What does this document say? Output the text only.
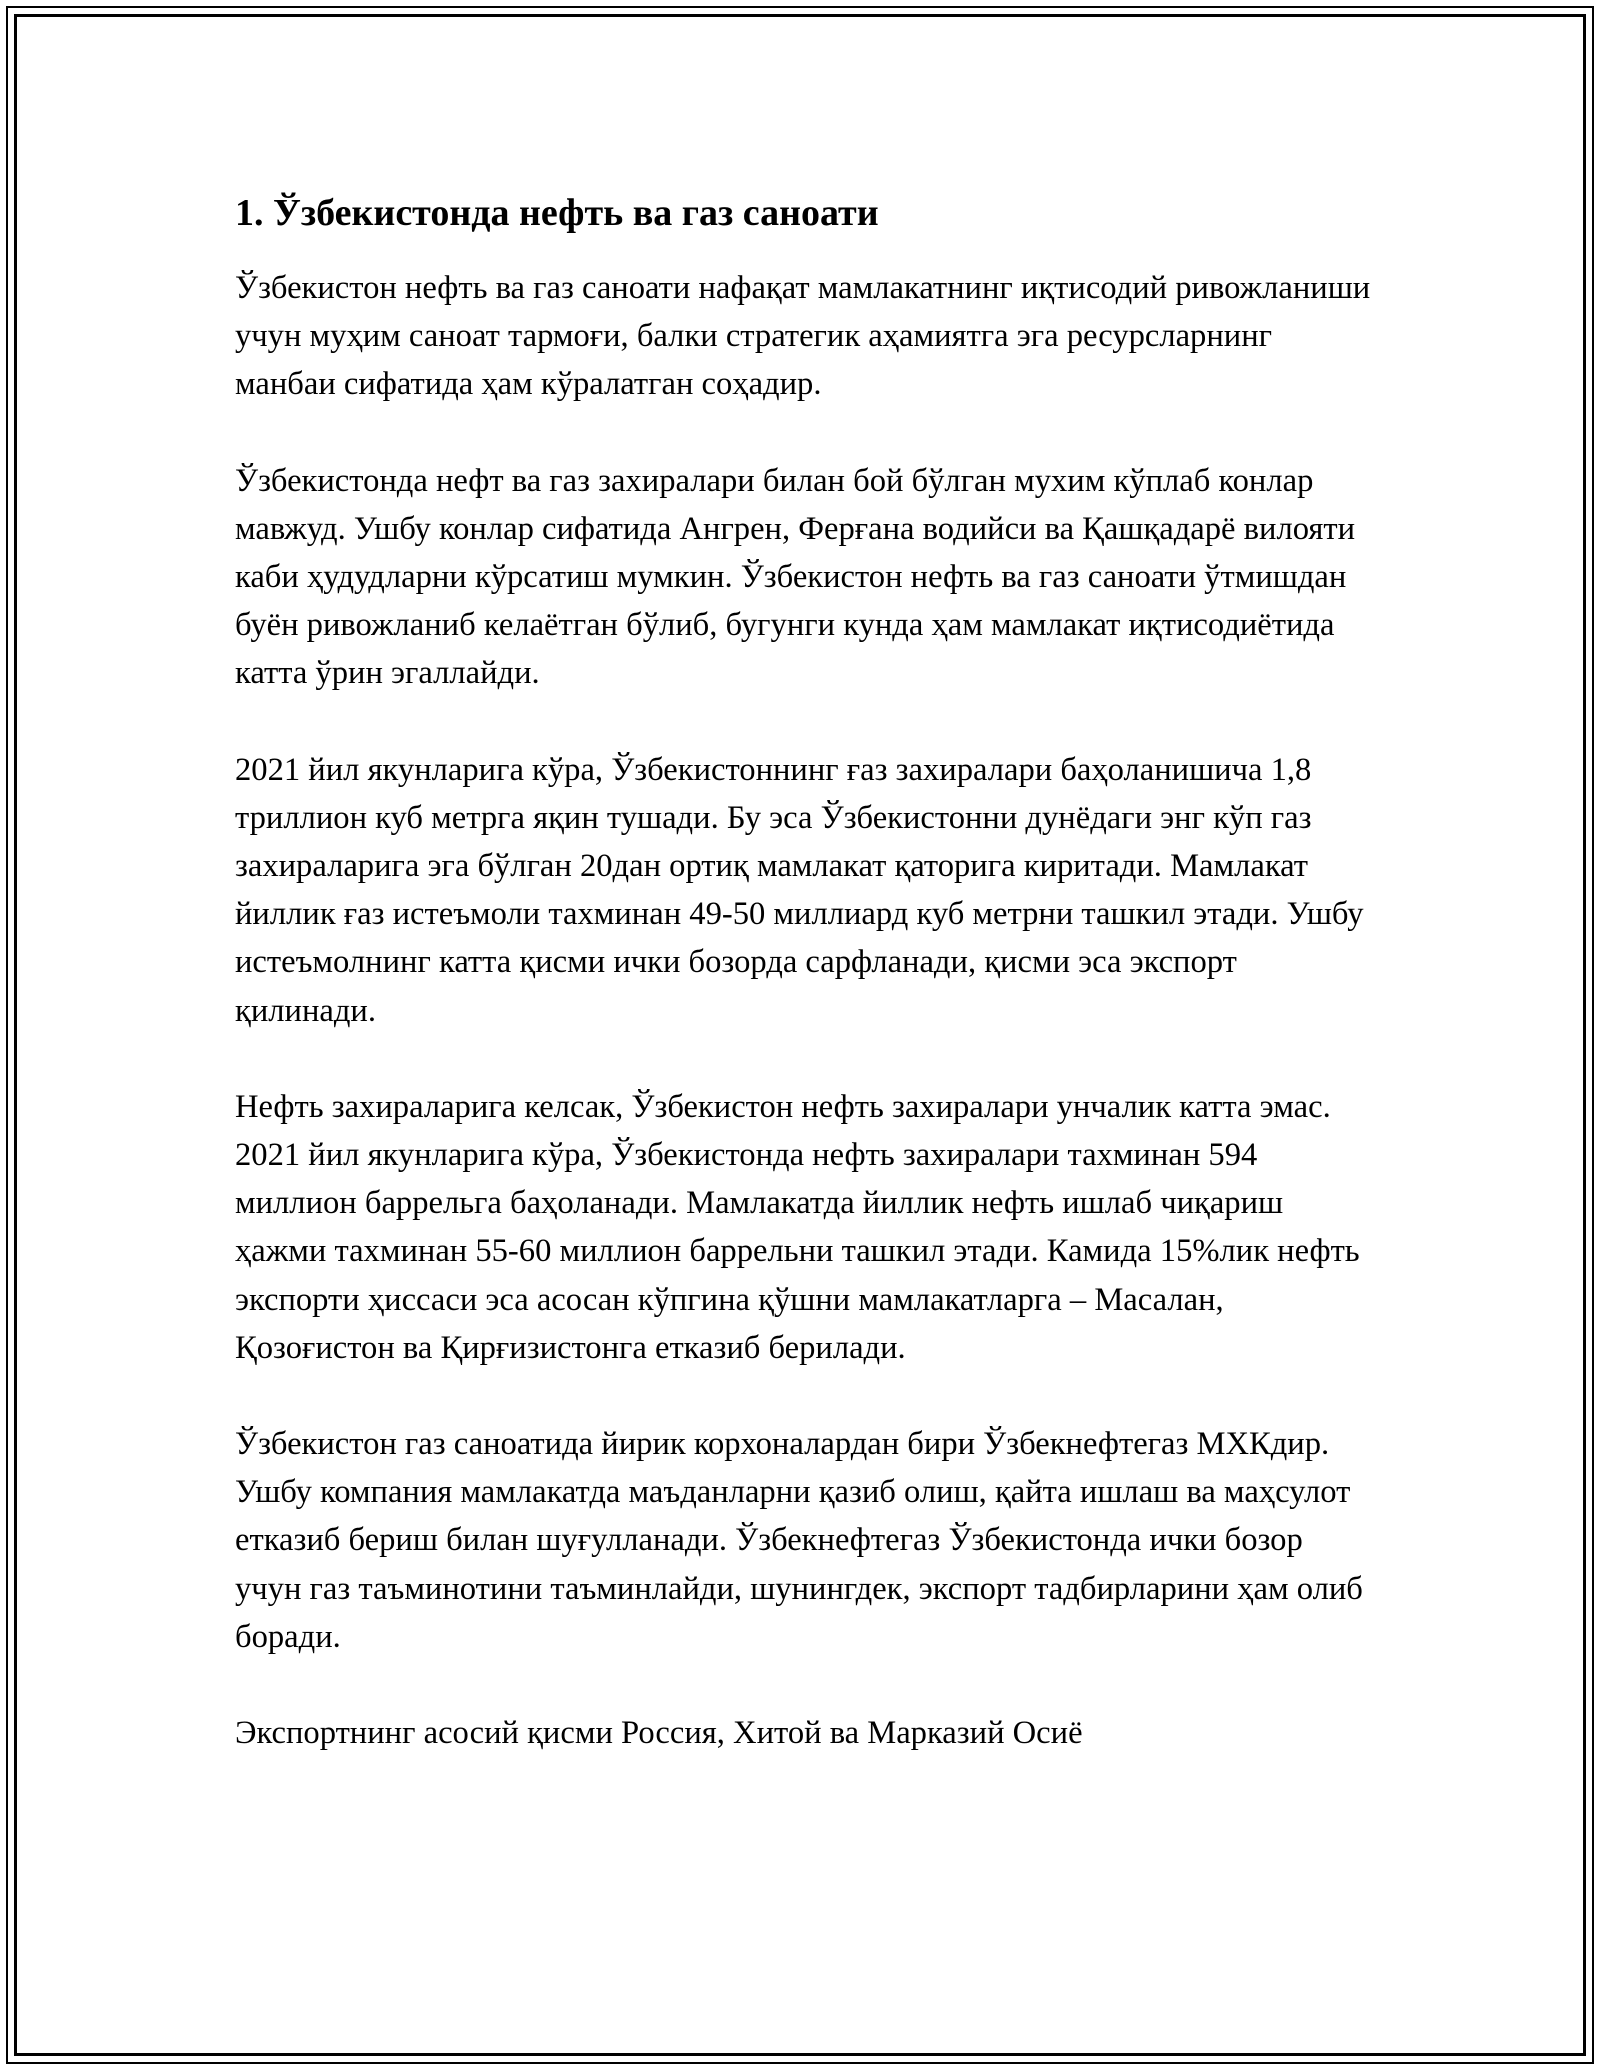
1. Ўзбекистонда нефть ва газ саноати

Ўзбекистон нефть ва газ саноати нафақат мамлакатнинг иқтисодий ривожланиши учун муҳим саноат тармоғи, балки стратегик аҳамиятга эга ресурсларнинг манбаи сифатида ҳам кўралатган соҳадир.

Ўзбекистонда нефт ва газ захиралари билан бой бўлган мухим кўплаб конлар мавжуд. Ушбу конлар сифатида Ангрен, Ферғана водийси ва Қашқадарё вилояти каби ҳудудларни кўрсатиш мумкин. Ўзбекистон нефть ва газ саноати ўтмишдан буён ривожланиб келаётган бўлиб, бугунги кунда ҳам мамлакат иқтисодиётида катта ўрин эгаллайди.

2021 йил якунларига кўра, Ўзбекистоннинг ғаз захиралари баҳоланишича 1,8 триллион куб метрга яқин тушади. Бу эса Ўзбекистонни дунёдаги энг кўп газ захираларига эга бўлган 20дан ортиқ мамлакат қаторига киритади. Мамлакат йиллик ғаз истеъмоли тахминан 49-50 миллиард куб метрни ташкил этади. Ушбу истеъмолнинг катта қисми ички бозорда сарфланади, қисми эса экспорт қилинади.

Нефть захираларига келсак, Ўзбекистон нефть захиралари унчалик катта эмас. 2021 йил якунларига кўра, Ўзбекистонда нефть захиралари тахминан 594 миллион баррельга баҳоланади. Мамлакатда йиллик нефть ишлаб чиқариш ҳажми тахминан 55-60 миллион баррельни ташкил этади. Камида 15%лик нефть экспорти ҳиссаси эса асосан кўпгина қўшни мамлакатларга – Масалан, Қозоғистон ва Қирғизистонга етказиб берилади.

Ўзбекистон газ саноатида йирик корхоналардан бири Ўзбекнефтегаз МХКдир. Ушбу компания мамлакатда маъданларни қазиб олиш, қайта ишлаш ва маҳсулот етказиб бериш билан шуғулланади. Ўзбекнефтегаз Ўзбекистонда ички бозор учун газ таъминотини таъминлайди, шунингдек, экспорт тадбирларини ҳам олиб боради.

Экспортнинг асосий қисми Россия, Хитой ва Марказий Осиё
